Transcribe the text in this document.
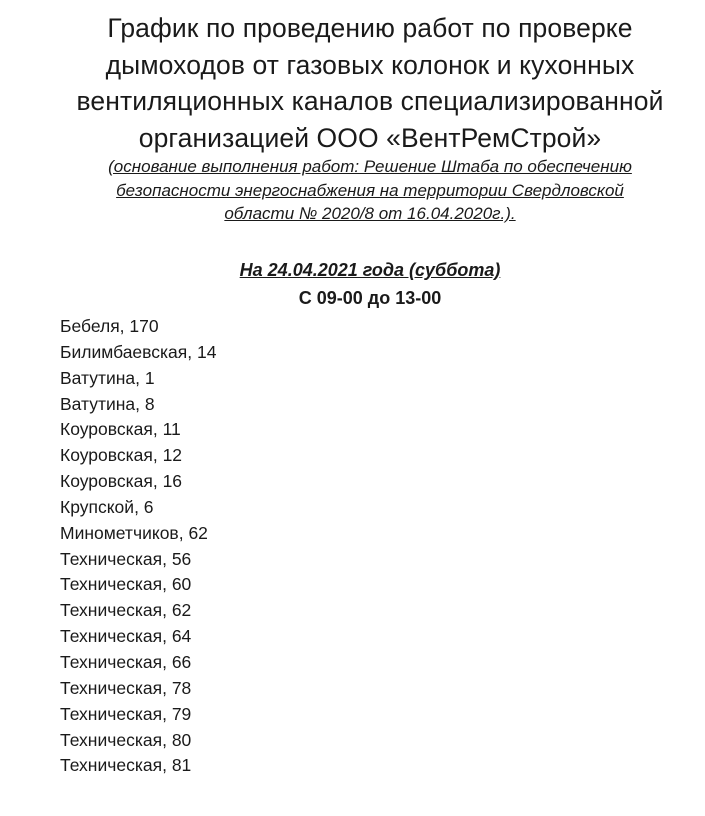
График по проведению работ по проверке
дымоходов от газовых колонок и кухонных
вентиляционных каналов специализированной
организацией ООО «ВентРемСтрой»
(основание выполнения работ: Решение Штаба по обеспечению
безопасности энергоснабжения на территории Свердловской
области № 2020/8 от 16.04.2020г.).
На 24.04.2021 года (суббота)
С 09-00 до 13-00
Бебеля, 170
Билимбаевская, 14
Ватутина, 1
Ватутина, 8
Коуровская, 11
Коуровская, 12
Коуровская, 16
Крупской, 6
Минометчиков, 62
Техническая, 56
Техническая, 60
Техническая, 62
Техническая, 64
Техническая, 66
Техническая, 78
Техническая, 79
Техническая, 80
Техническая, 81
